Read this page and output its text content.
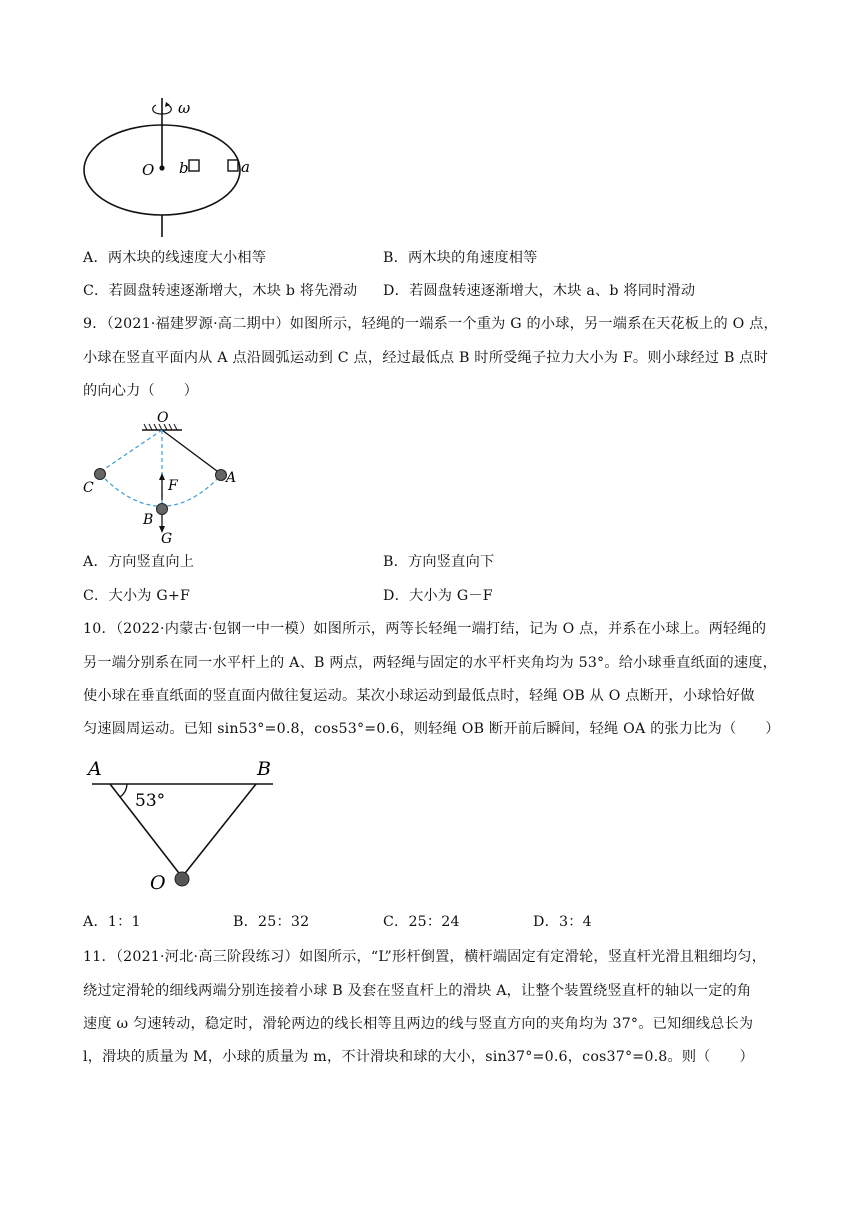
ω
O b	a
A．两木块的线速度大小相等	B．两木块的角速度相等
C．若圆盘转速逐渐增大，木块 b 将先滑动 D．若圆盘转速逐渐增大，木块 a、b 将同时滑动
9．（2021·福建罗源·高二期中）如图所示，轻绳的一端系一个重为 G 的小球，另一端系在天花板上的 O 点，
小球在竖直平面内从 A 点沿圆弧运动到 C 点，经过最低点 B 时所受绳子拉力大小为 F。则小球经过 B 点时
的向心力（　　）
O
C
A
F
B
G
A．方向竖直向上	B．方向竖直向下
C．大小为 G+F	D．大小为 G－F
10．（2022·内蒙古·包钢一中一模）如图所示，两等长轻绳一端打结，记为 O 点，并系在小球上。两轻绳的
另一端分别系在同一水平杆上的 A、B 两点，两轻绳与固定的水平杆夹角均为 53°。给小球垂直纸面的速度，
使小球在垂直纸面的竖直面内做往复运动。某次小球运动到最低点时，轻绳 OB 从 O 点断开，小球恰好做
匀速圆周运动。已知 sin53°=0.8，cos53°=0.6，则轻绳 OB 断开前后瞬间，轻绳 OA 的张力比为（　　）
A	B
53°
O
A．1：1	B．25：32	C．25：24	D．3：4
11．（2021·河北·高三阶段练习）如图所示，“L”形杆倒置，横杆端固定有定滑轮，竖直杆光滑且粗细均匀，
绕过定滑轮的细线两端分别连接着小球 B 及套在竖直杆上的滑块 A，让整个装置绕竖直杆的轴以一定的角
速度 ω 匀速转动，稳定时，滑轮两边的线长相等且两边的线与竖直方向的夹角均为 37°。已知细线总长为
l，滑块的质量为 M，小球的质量为 m，不计滑块和球的大小，sin37°=0.6，cos37°=0.8。则（　　）
